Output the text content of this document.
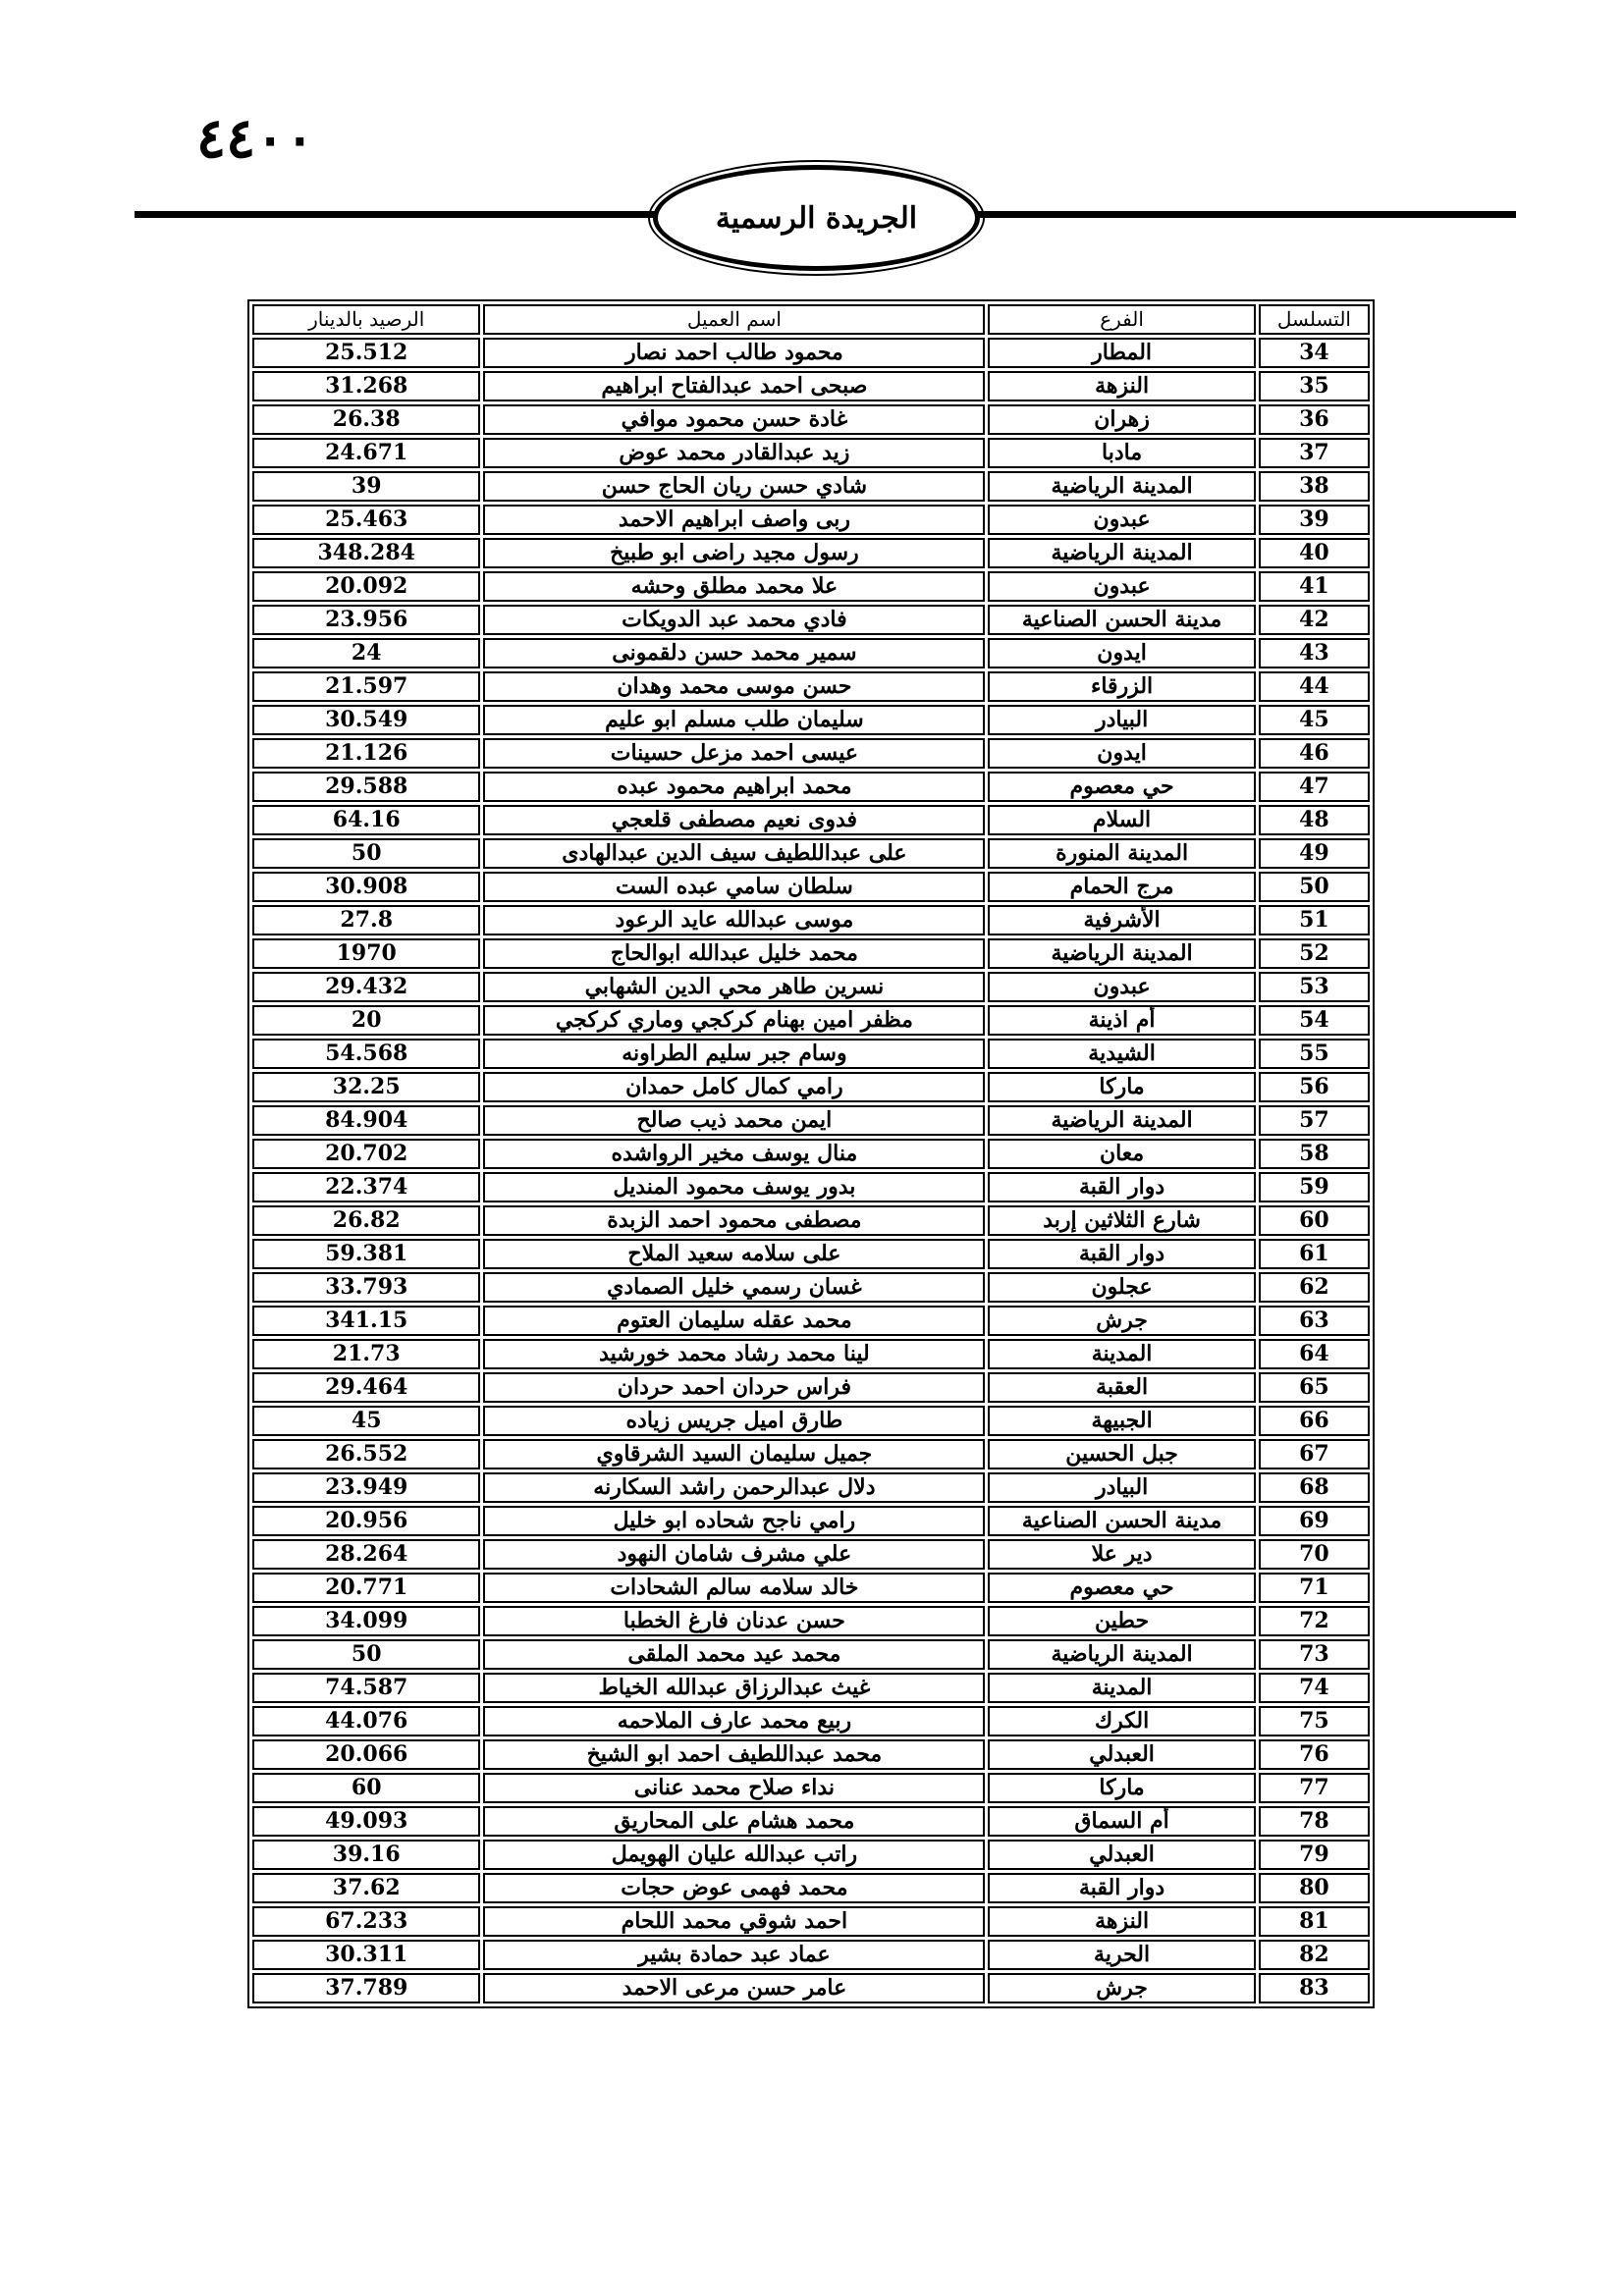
٤٤٠٠
الجريدة الرسمية
التسلسل	الفرع	اسم العميل	الرصيد بالدينار
34	المطار	محمود طالب احمد نصار	25.512
35	النزهة	صبحى احمد عبدالفتاح ابراهيم	31.268
36	زهران	غادة حسن محمود موافي	26.38
37	مادبا	زيد عبدالقادر محمد عوض	24.671
38	المدينة الرياضية	شادي حسن ريان الحاج حسن	39
39	عبدون	ربى واصف ابراهيم الاحمد	25.463
40	المدينة الرياضية	رسول مجيد راضى ابو طبيخ	348.284
41	عبدون	علا محمد مطلق وحشه	20.092
42	مدينة الحسن الصناعية	فادي محمد عبد الدويكات	23.956
43	ايدون	سمير محمد حسن دلقمونى	24
44	الزرقاء	حسن موسى محمد وهدان	21.597
45	البيادر	سليمان طلب مسلم ابو عليم	30.549
46	ايدون	عيسى احمد مزعل حسينات	21.126
47	حي معصوم	محمد ابراهيم محمود عبده	29.588
48	السلام	فدوى نعيم مصطفى قلعجي	64.16
49	المدينة المنورة	على عبداللطيف سيف الدين عبدالهادى	50
50	مرج الحمام	سلطان سامي عبده الست	30.908
51	الأشرفية	موسى عبدالله عايد الرعود	27.8
52	المدينة الرياضية	محمد خليل عبدالله ابوالحاج	1970
53	عبدون	نسرين طاهر محي الدين الشهابي	29.432
54	أم اذينة	مظفر امين بهنام كركجي وماري كركجي	20
55	الشيدية	وسام جبر سليم الطراونه	54.568
56	ماركا	رامي كمال كامل حمدان	32.25
57	المدينة الرياضية	ايمن محمد ذيب صالح	84.904
58	معان	منال يوسف مخير الرواشده	20.702
59	دوار القبة	بدور يوسف محمود المنديل	22.374
60	شارع الثلاثين إربد	مصطفى محمود احمد الزبدة	26.82
61	دوار القبة	على سلامه سعيد الملاح	59.381
62	عجلون	غسان رسمي خليل الصمادي	33.793
63	جرش	محمد عقله سليمان العتوم	341.15
64	المدينة	لينا محمد رشاد محمد خورشيد	21.73
65	العقبة	فراس حردان احمد حردان	29.464
66	الجبيهة	طارق اميل جريس زياده	45
67	جبل الحسين	جميل سليمان السيد الشرقاوي	26.552
68	البيادر	دلال عبدالرحمن راشد السكارنه	23.949
69	مدينة الحسن الصناعية	رامي ناجح شحاده ابو خليل	20.956
70	دير علا	علي مشرف شامان النهود	28.264
71	حي معصوم	خالد سلامه سالم الشحادات	20.771
72	حطين	حسن عدنان فارغ الخطبا	34.099
73	المدينة الرياضية	محمد عيد محمد الملقى	50
74	المدينة	غيث عبدالرزاق عبدالله الخياط	74.587
75	الكرك	ربيع محمد عارف الملاحمه	44.076
76	العبدلي	محمد عبداللطيف احمد ابو الشيخ	20.066
77	ماركا	نداء صلاح محمد عنانى	60
78	أم السماق	محمد هشام على المحاريق	49.093
79	العبدلي	راتب عبدالله عليان الهويمل	39.16
80	دوار القبة	محمد فهمى عوض حجات	37.62
81	النزهة	احمد شوقي محمد اللحام	67.233
82	الحرية	عماد عبد حمادة بشير	30.311
83	جرش	عامر حسن مرعى الاحمد	37.789
